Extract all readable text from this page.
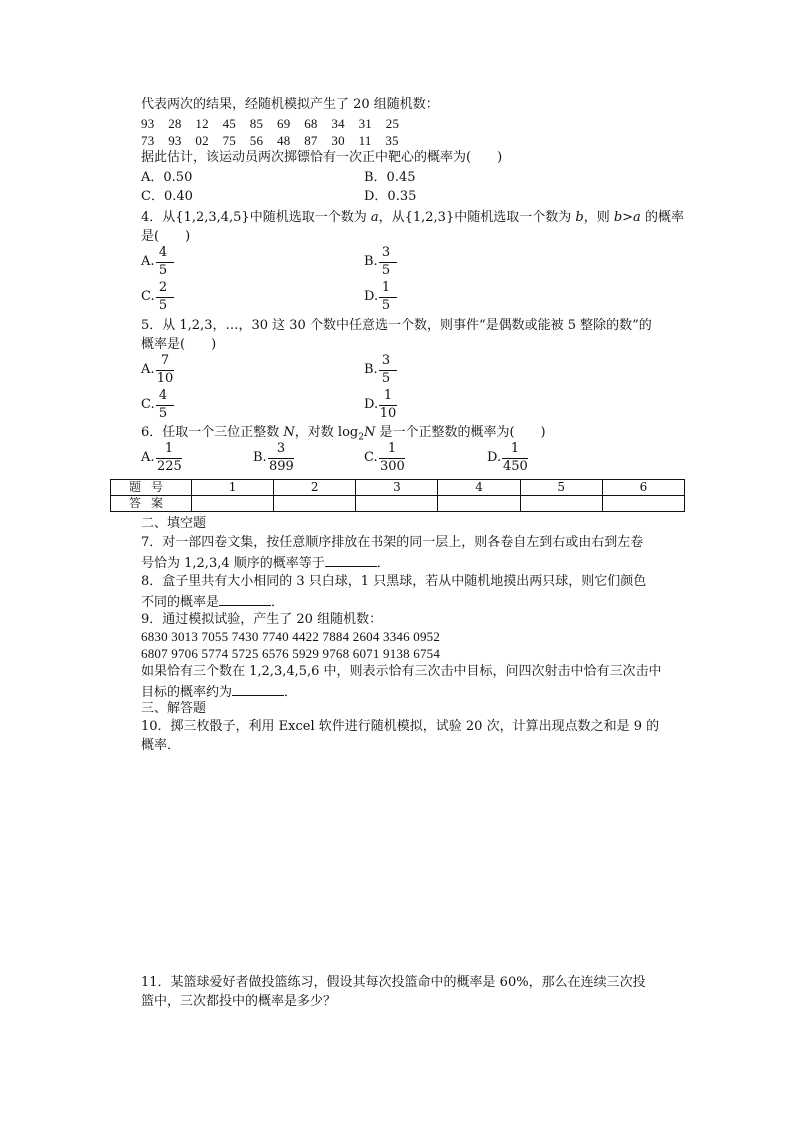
代表两次的结果，经随机模拟产生了 20 组随机数：
93    28    12    45    85    69    68    34    31    25
73    93    02    75    56    48    87    30    11    35
据此估计，该运动员两次掷镖恰有一次正中靶心的概率为(　　)
A．0.50	B．0.45
C．0.40	D．0.35
4．从{1,2,3,4,5}中随机选取一个数为 a，从{1,2,3}中随机选取一个数为 b，则 b>a 的概率
是(　　)
A.
4
5
B.
3
5
C.
2
5
D.
1
5
5．从 1,2,3，…，30 这 30 个数中任意选一个数，则事件“是偶数或能被 5 整除的数”的
概率是(　　)
A.
7
10
B.
3
5
C.
4
5
D.
1
10
6．任取一个三位正整数 N，对数 $\log_2N$ 是一个正整数的概率为(　　)
A.
1
225
B.
3
899
C.
1
300
D.
1
450
题号	1	2	3	4	5	6
答案						
二、填空题
7．对一部四卷文集，按任意顺序排放在书架的同一层上，则各卷自左到右或由右到左卷
号恰为 1,2,3,4 顺序的概率等于	．
8．盒子里共有大小相同的 3 只白球，1 只黑球，若从中随机地摸出两只球，则它们颜色
不同的概率是	．
9．通过模拟试验，产生了 20 组随机数：
6830 3013 7055 7430 7740 4422 7884 2604 3346 0952
6807 9706 5774 5725 6576 5929 9768 6071 9138 6754
如果恰有三个数在 1,2,3,4,5,6 中，则表示恰有三次击中目标，问四次射击中恰有三次击中
目标的概率约为	．
三、解答题
10．掷三枚骰子，利用 Excel 软件进行随机模拟，试验 20 次，计算出现点数之和是 9 的
概率．
11．某篮球爱好者做投篮练习，假设其每次投篮命中的概率是 60%，那么在连续三次投
篮中，三次都投中的概率是多少？
